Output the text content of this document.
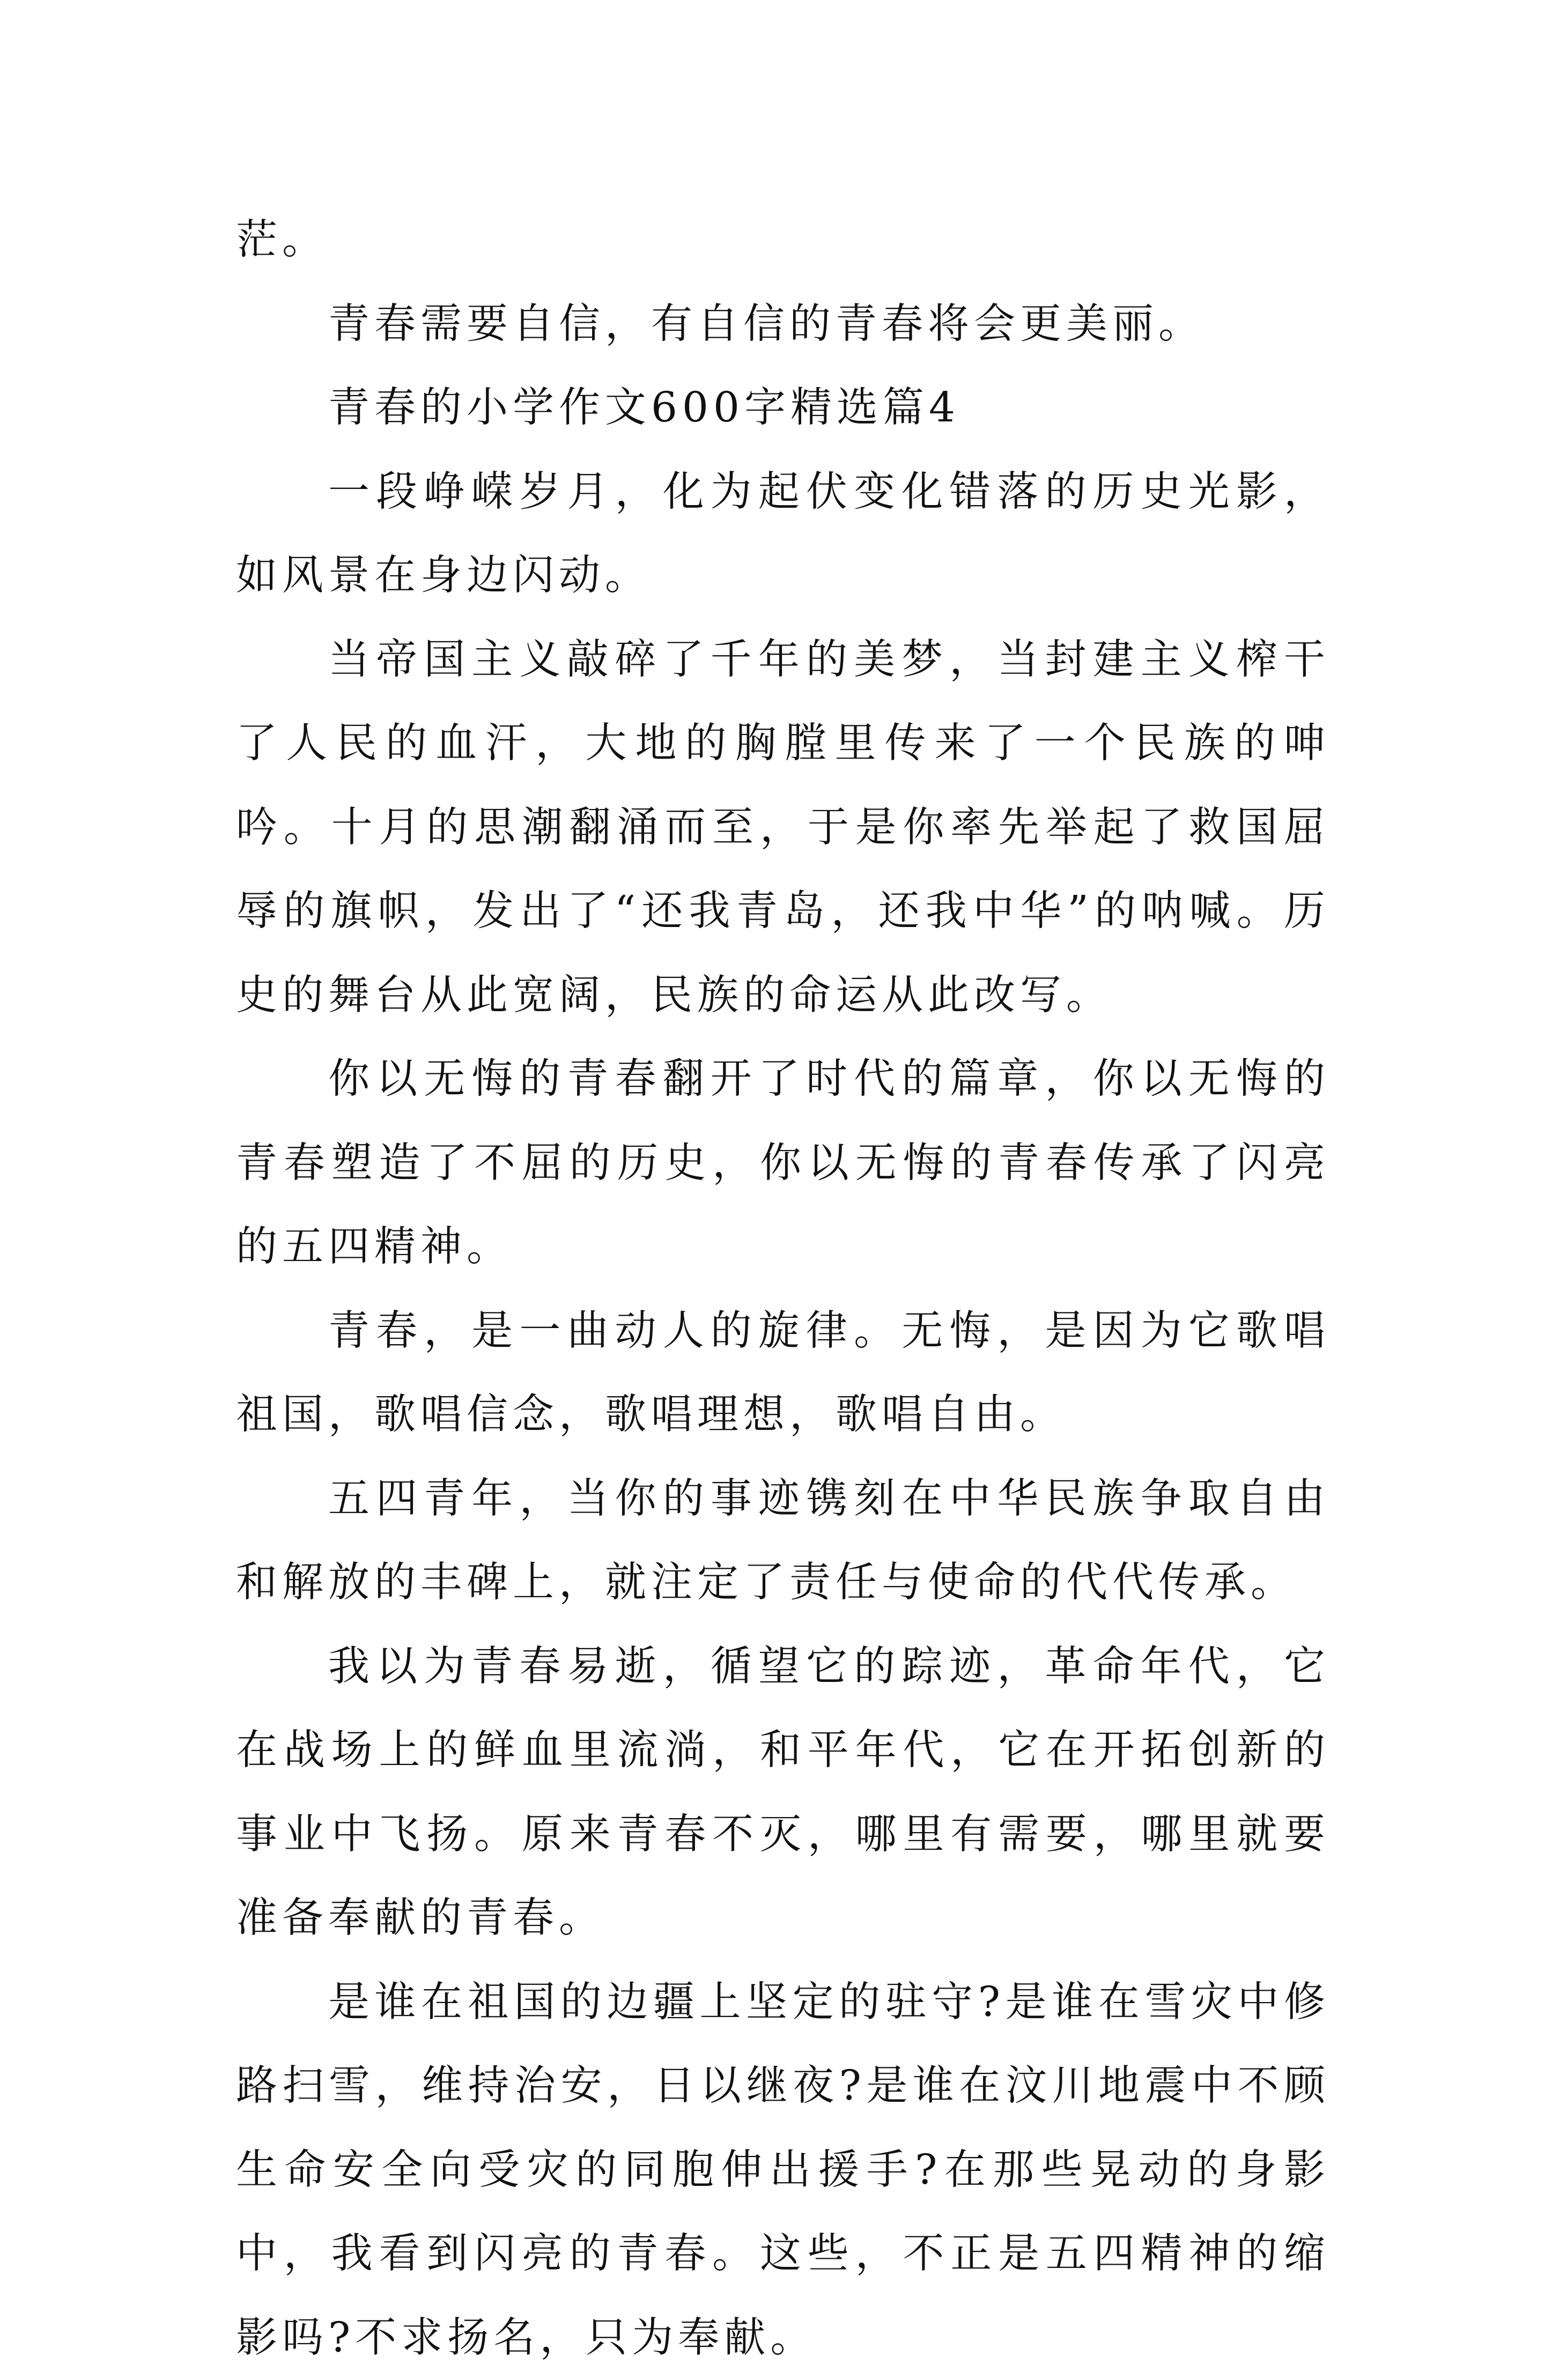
茫。

青春需要自信，有自信的青春将会更美丽。

青春的小学作文600字精选篇4

一段峥嵘岁月，化为起伏变化错落的历史光影，如风景在身边闪动。

当帝国主义敲碎了千年的美梦，当封建主义榨干了人民的血汗，大地的胸膛里传来了一个民族的呻吟。十月的思潮翻涌而至，于是你率先举起了救国屈辱的旗帜，发出了“还我青岛，还我中华”的呐喊。历史的舞台从此宽阔，民族的命运从此改写。

你以无悔的青春翻开了时代的篇章，你以无悔的青春塑造了不屈的历史，你以无悔的青春传承了闪亮的五四精神。

青春，是一曲动人的旋律。无悔，是因为它歌唱祖国，歌唱信念，歌唱理想，歌唱自由。

五四青年，当你的事迹镌刻在中华民族争取自由和解放的丰碑上，就注定了责任与使命的代代传承。

我以为青春易逝，循望它的踪迹，革命年代，它在战场上的鲜血里流淌，和平年代，它在开拓创新的事业中飞扬。原来青春不灭，哪里有需要，哪里就要准备奉献的青春。

是谁在祖国的边疆上坚定的驻守?是谁在雪灾中修路扫雪，维持治安，日以继夜?是谁在汶川地震中不顾生命安全向受灾的同胞伸出援手?在那些晃动的身影中，我看到闪亮的青春。这些，不正是五四精神的缩影吗?不求扬名，只为奉献。
